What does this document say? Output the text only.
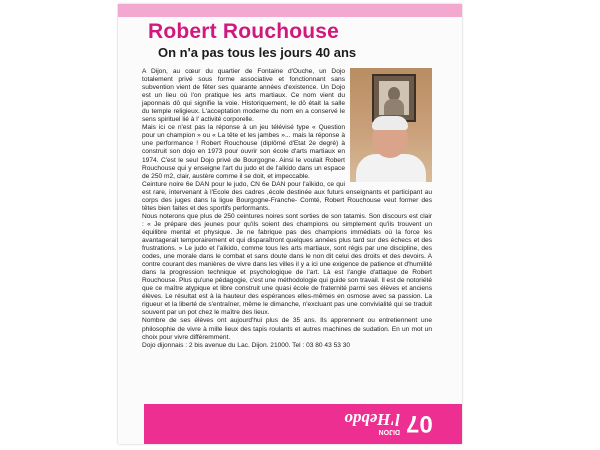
Robert Rouchouse
On n'a pas tous les jours 40 ans

A Dijon, au cœur du quartier de Fontaine d'Ouche, un Dojo totalement privé sous forme associative et fonctionnant sans subvention vient de fêter ses quarante années d'existence. Un Dojo est un lieu où l'on pratique les arts martiaux. Ce nom vient du japonnais dō qui signifie la voie. Historiquement, le dō était la salle du temple religieux. L'acceptation moderne du nom en a conservé le sens spirituel lié à l' activité corporelle.

Mais ici ce n'est pas la réponse à un jeu télévisé type « Question pour un champion » ou « La tête et les jambes »... mais la réponse à une performance ! Robert Rouchouse (diplômé d'Etat 2e degré) à construit son dojo en 1973 pour ouvrir son école d'arts martiaux en 1974. C'est le seul Dojo privé de Bourgogne. Ainsi le voulait Robert Rouchouse qui y enseigne l'art du judo et de l'aïkido dans un espace de 250 m2, clair, austère comme il se doit, et impeccable.

Ceinture noire 6e DAN pour le judo, CN 6e DAN pour l'aïkido, ce qui est rare, intervenant à l'Ecole des cadres ,école destinée aux futurs enseignants et participant au corps des juges dans la ligue Bourgogne-Franche- Comté, Robert Rouchouse veut former des têtes bien faites et des sportifs performants.

Nous noterons que plus de 250 ceintures noires sont sorties de son tatamis. Son discours est clair : « Je prépare des jeunes pour qu'ils soient des champions ou simplement qu'ils trouvent un équilibre mental et physique. Je ne fabrique pas des champions immédiats où la force les avantagerait temporairement et qui disparaîtront quelques années plus tard sur des échecs et des frustrations. » Le judo et l'aïkido, comme tous les arts martiaux, sont régis par une discipline, des codes, une morale dans le combat et sans doute dans le non dit celui des droits et des devoirs. A contre courant des manières de vivre dans les villes il y a ici une exigence de patience et d'humilité dans la progression technique et psychologique de l'art. Là est l'angle d'attaque de Robert Rouchouse. Plus qu'une pédagogie, c'est une méthodologie qui guide son travail. Il est de notoriété que ce maître atypique et libre construit une quasi école de fraternité parmi ses élèves et anciens élèves. Le résultat est à la hauteur des espérances elles-mêmes en osmose avec sa passion. La rigueur et la liberté de s'entraîner, même le dimanche, n'excluant pas une convivialité qui se traduit souvent par un pot chez le maître des lieux.

Nombre de ses élèves ont aujourd'hui plus de 35 ans. Ils apprennent ou entretiennent une philosophie de vivre à mille lieux des tapis roulants et autres machines de sudation. En un mot un choix pour vivre différemment.

Dojo dijonnais : 2 bis avenue du Lac. Dijon. 21000. Tel : 03 80 43 53 30

DIJON
l'Hebdo 07
